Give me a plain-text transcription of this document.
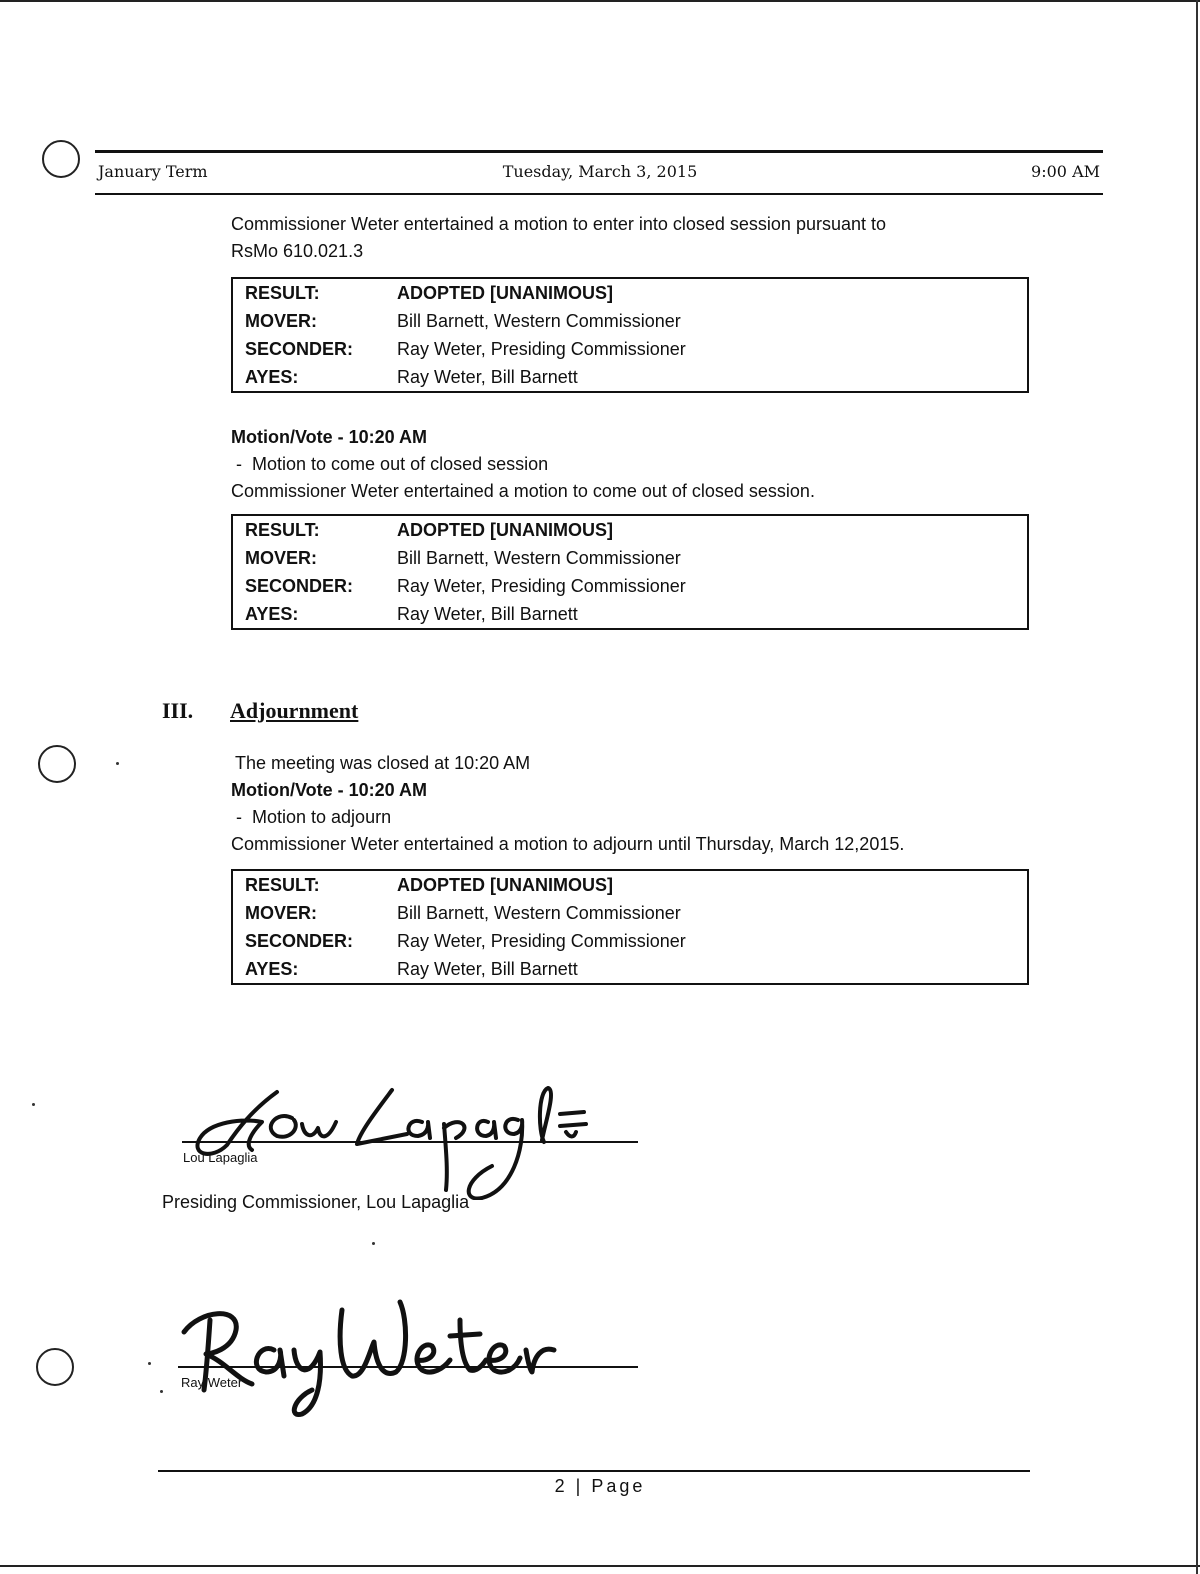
January Term	Tuesday, March 3, 2015	9:00 AM
Commissioner Weter entertained a motion to enter into closed session pursuant to
RsMo 610.021.3
RESULT:	ADOPTED [UNANIMOUS]
MOVER:	Bill Barnett, Western Commissioner
SECONDER:	Ray Weter, Presiding Commissioner
AYES:	Ray Weter, Bill Barnett
Motion/Vote - 10:20 AM
-  Motion to come out of closed session
Commissioner Weter entertained a motion to come out of closed session.
RESULT:	ADOPTED [UNANIMOUS]
MOVER:	Bill Barnett, Western Commissioner
SECONDER:	Ray Weter, Presiding Commissioner
AYES:	Ray Weter, Bill Barnett
III. Adjournment
The meeting was closed at 10:20 AM
Motion/Vote - 10:20 AM
-  Motion to adjourn
Commissioner Weter entertained a motion to adjourn until Thursday, March 12,2015.
RESULT:	ADOPTED [UNANIMOUS]
MOVER:	Bill Barnett, Western Commissioner
SECONDER:	Ray Weter, Presiding Commissioner
AYES:	Ray Weter, Bill Barnett
Lou Lapaglia
Presiding Commissioner, Lou Lapaglia
Ray Weter
2 | Page
